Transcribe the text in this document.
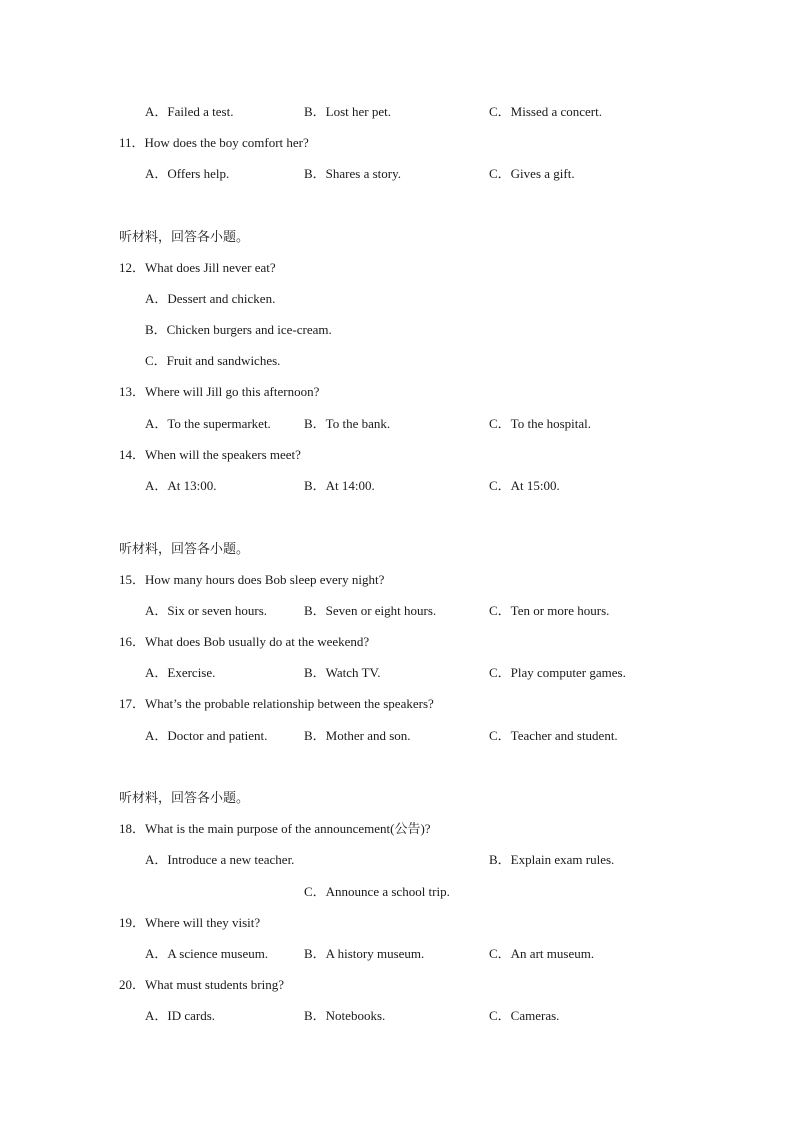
A．Failed a test.	B．Lost her pet.	C．Missed a concert.
11．How does the boy comfort her?
A．Offers help.	B．Shares a story.	C．Gives a gift.
听材料，回答各小题。
12．What does Jill never eat?
A．Dessert and chicken.
B．Chicken burgers and ice-cream.
C．Fruit and sandwiches.
13．Where will Jill go this afternoon?
A．To the supermarket.	B．To the bank.	C．To the hospital.
14．When will the speakers meet?
A．At 13:00.	B．At 14:00.	C．At 15:00.
听材料，回答各小题。
15．How many hours does Bob sleep every night?
A．Six or seven hours.	B．Seven or eight hours.	C．Ten or more hours.
16．What does Bob usually do at the weekend?
A．Exercise.	B．Watch TV.	C．Play computer games.
17．What’s the probable relationship between the speakers?
A．Doctor and patient.	B．Mother and son.	C．Teacher and student.
听材料，回答各小题。
18．What is the main purpose of the announcement(公告)?
A．Introduce a new teacher.	B．Explain exam rules.
C．Announce a school trip.
19．Where will they visit?
A．A science museum.	B．A history museum.	C．An art museum.
20．What must students bring?
A．ID cards.	B．Notebooks.	C．Cameras.
